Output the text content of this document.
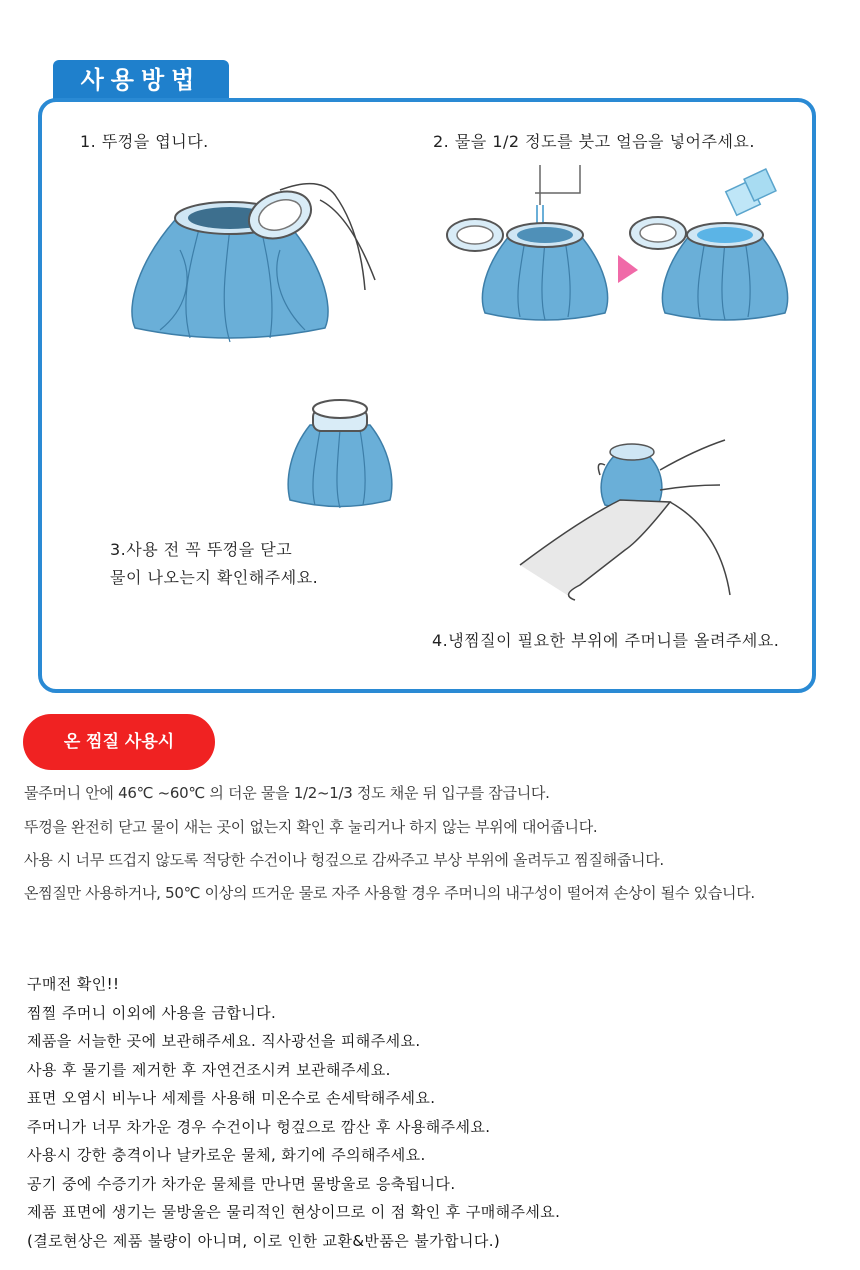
사용방법
1. 뚜껑을 엽니다.	2. 물을 1/2 정도를 붓고 얼음을 넣어주세요.
3.사용 전 꼭 뚜껑을 닫고
물이 나오는지 확인해주세요.
4.냉찜질이 필요한 부위에 주머니를 올려주세요.
온 찜질 사용시
물주머니 안에 46℃ ~60℃ 의 더운 물을 1/2~1/3 정도 채운 뒤 입구를 잠급니다.
뚜껑을 완전히 닫고 물이 새는 곳이 없는지 확인 후 눌리거나 하지 않는 부위에 대어줍니다.
사용 시 너무 뜨겁지 않도록 적당한 수건이나 헝겊으로 감싸주고 부상 부위에 올려두고 찜질해줍니다.
온찜질만 사용하거나, 50℃ 이상의 뜨거운 물로 자주 사용할 경우 주머니의 내구성이 떨어져 손상이 될수 있습니다.
구매전 확인!!
찜찔 주머니 이외에 사용을 금합니다.
제품을 서늘한 곳에 보관해주세요. 직사광선을 피해주세요.
사용 후 물기를 제거한 후 자연건조시켜 보관해주세요.
표면 오염시 비누나 세제를 사용해 미온수로 손세탁해주세요.
주머니가 너무 차가운 경우 수건이나 헝겊으로 깜산 후 사용해주세요.
사용시 강한 충격이나 날카로운 물체, 화기에 주의해주세요.
공기 중에 수증기가 차가운 물체를 만나면 물방울로 응축됩니다.
제품 표면에 생기는 물방울은 물리적인 현상이므로 이 점 확인 후 구매해주세요.
(결로현상은 제품 불량이 아니며, 이로 인한 교환&반품은 불가합니다.)
